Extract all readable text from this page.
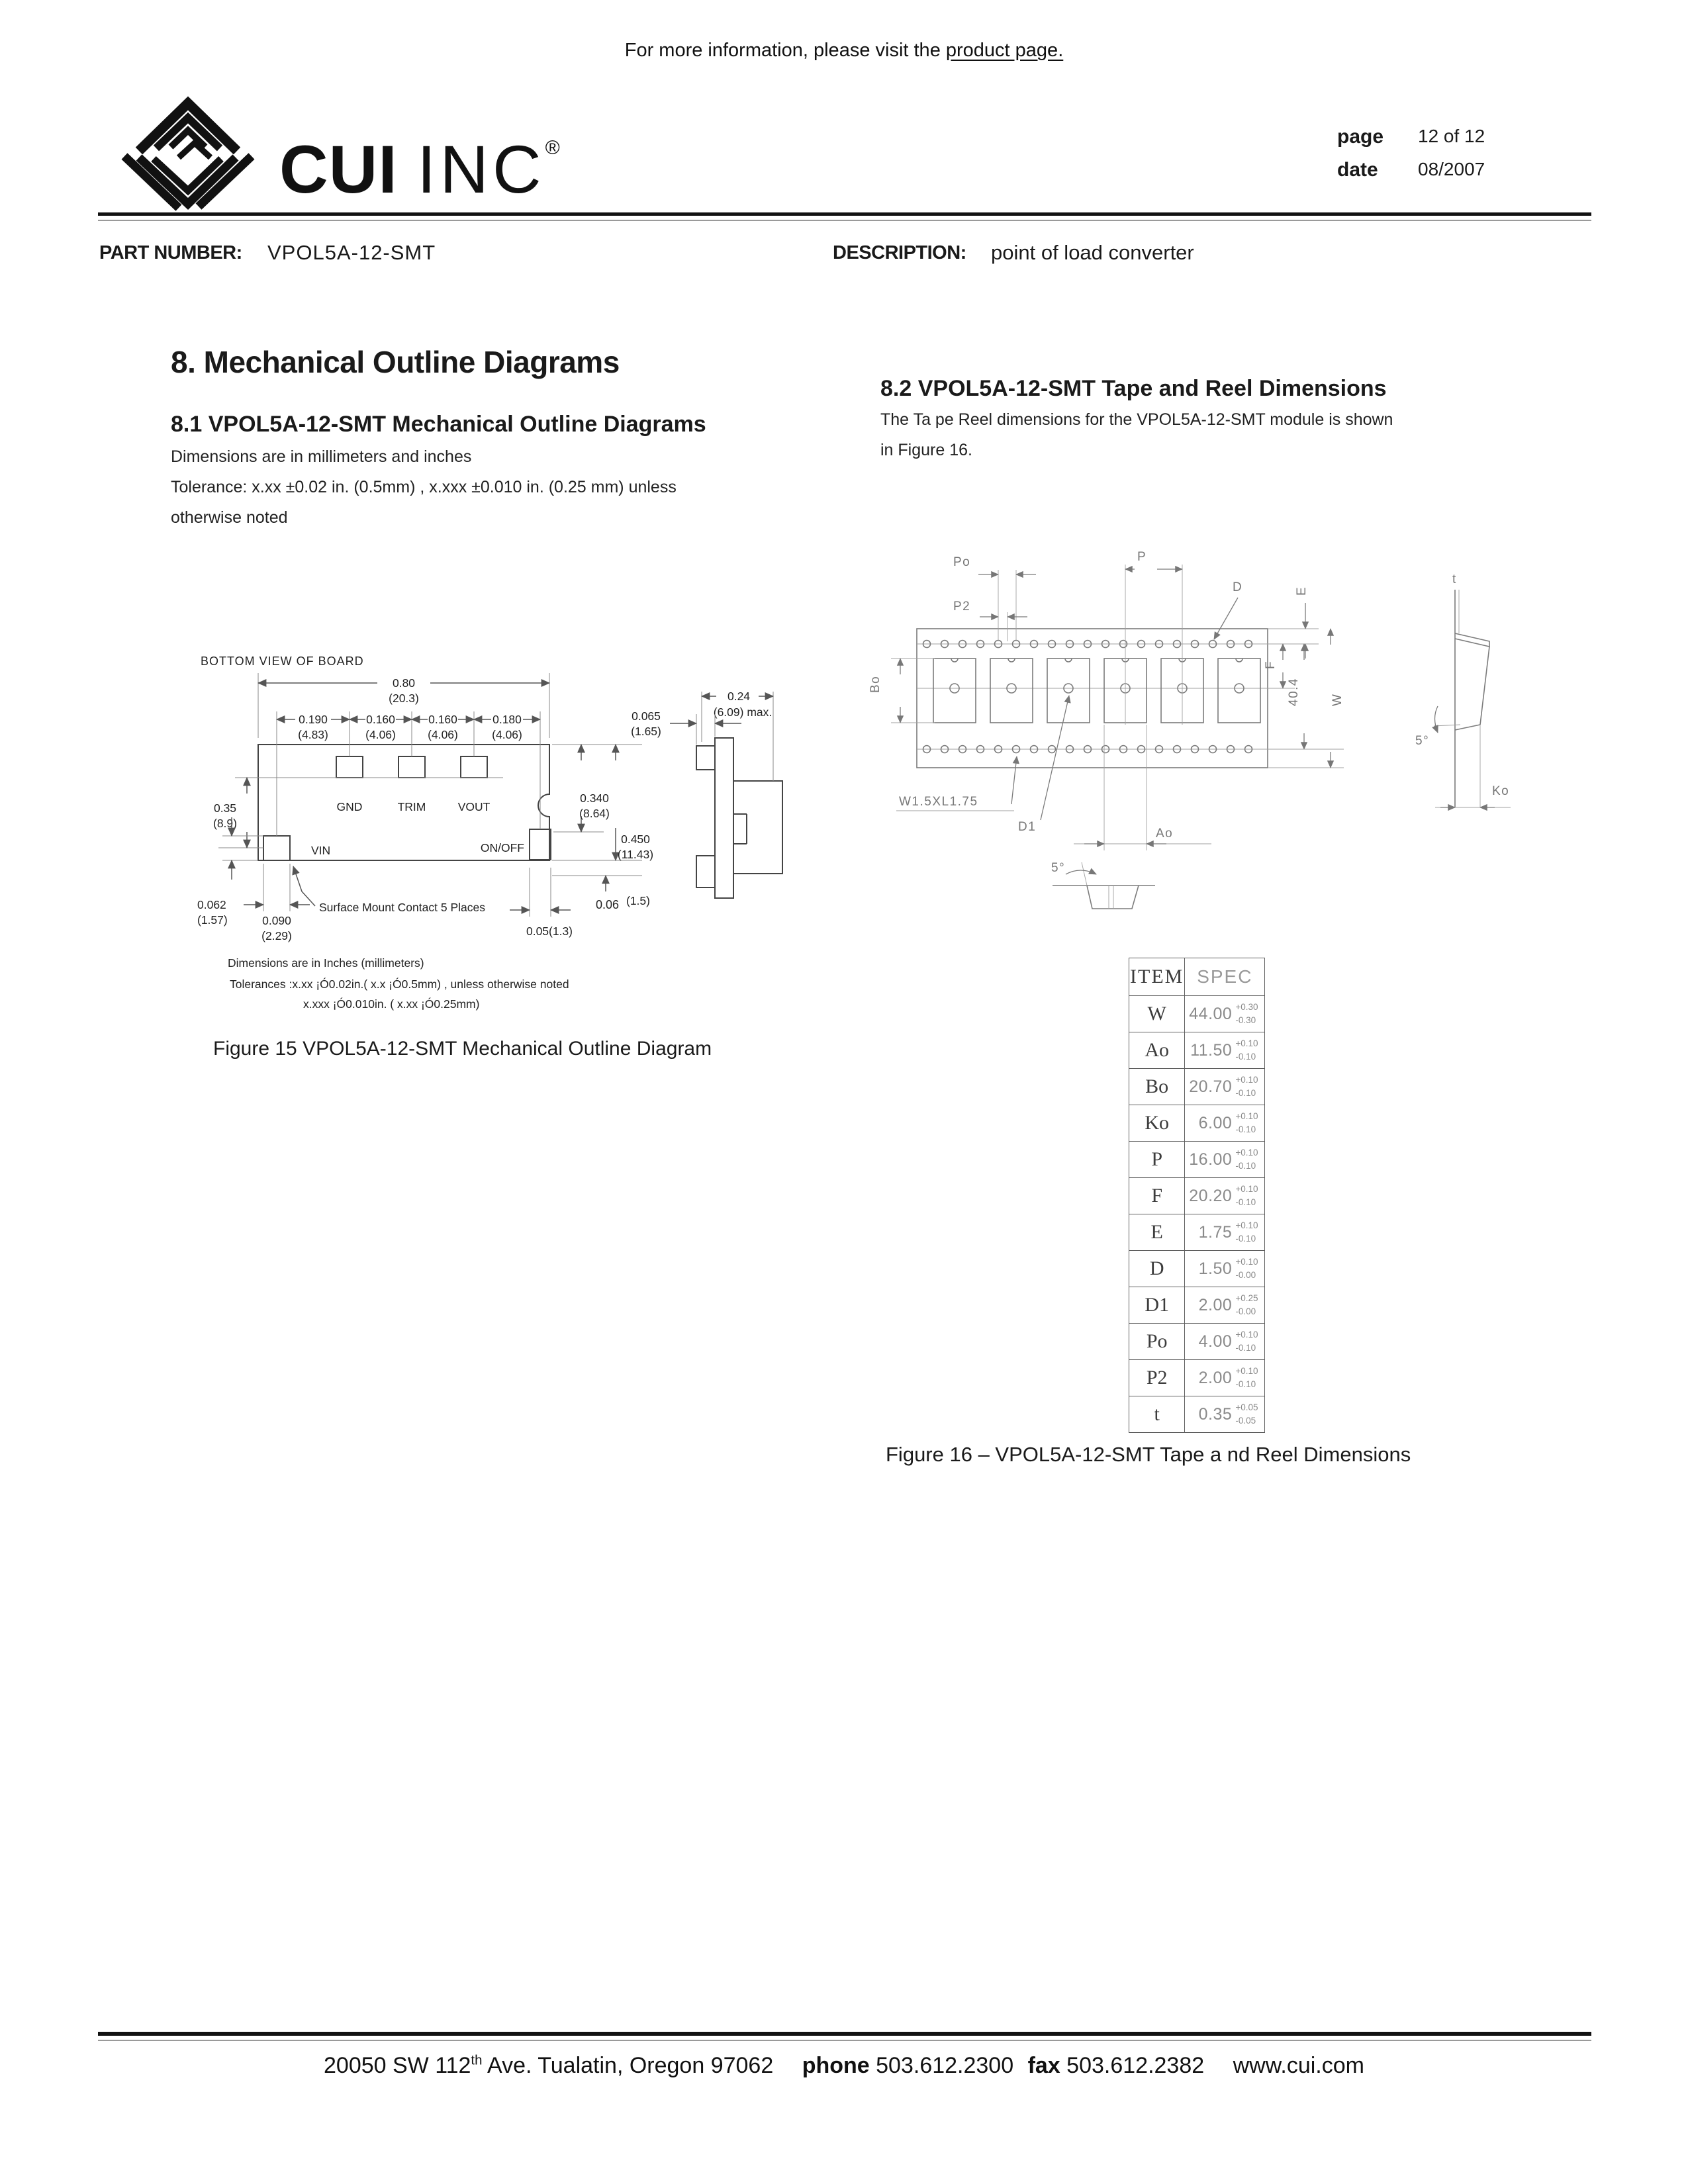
For more information, please visit the product page.
CUI INC®
page	12 of 12
date	08/2007
PART NUMBER: VPOL5A-12-SMT	DESCRIPTION: point of load converter
8. Mechanical Outline Diagrams
8.1 VPOL5A-12-SMT Mechanical Outline Diagrams
Dimensions are in millimeters and inches
Tolerance: x.xx ±0.02 in. (0.5mm) , x.xxx ±0.010 in. (0.25 mm) unless
otherwise noted
8.2 VPOL5A-12-SMT Tape and Reel Dimensions
The Ta pe Reel dimensions for the VPOL5A-12-SMT module is shown
in Figure 16.
BOTTOM VIEW OF BOARD
GND	TRIM	VOUT
VIN	ON/OFF
0.80
(20.3)
0.190
(4.83)
0.160
(4.06)
0.160
(4.06)
0.180
(4.06)
0.35
(8.9)
0.062
(1.57)	0.090
(2.29)
Surface Mount Contact 5 Places
0.05(1.3)
0.340
(8.64)
0.450
(11.43)
0.06 (1.5)
0.24
(6.09) max.
0.065
(1.65)
Dimensions are in Inches (millimeters)
Tolerances :x.xx ¡Ó0.02in.( x.x ¡Ó0.5mm) , unless otherwise noted
x.xxx ¡Ó0.010in. ( x.xx ¡Ó0.25mm)
Figure 15 VPOL5A-12-SMT Mechanical Outline Diagram
Po
P2
P
D	E
F
40.4 W
Bo
W1.5XL1.75
D1	Ao
5°
t
5°
Ko
ITEM	SPEC
W	44.00 +0.30
-0.30

Ao	11.50 +0.10
-0.10

Bo	20.70 +0.10
-0.10

Ko	6.00 +0.10
-0.10

P	16.00 +0.10
-0.10

F	20.20 +0.10
-0.10

E	1.75 +0.10
-0.10

D	1.50 +0.10
-0.00

D1	2.00 +0.25
-0.00

Po	4.00 +0.10
-0.10

P2	2.00 +0.10
-0.10

t	0.35 +0.05
-0.05
Figure 16 – VPOL5A-12-SMT Tape a nd Reel Dimensions
20050 SW 112th Ave. Tualatin, Oregon 97062 phone 503.612.2300 fax 503.612.2382 www.cui.com
